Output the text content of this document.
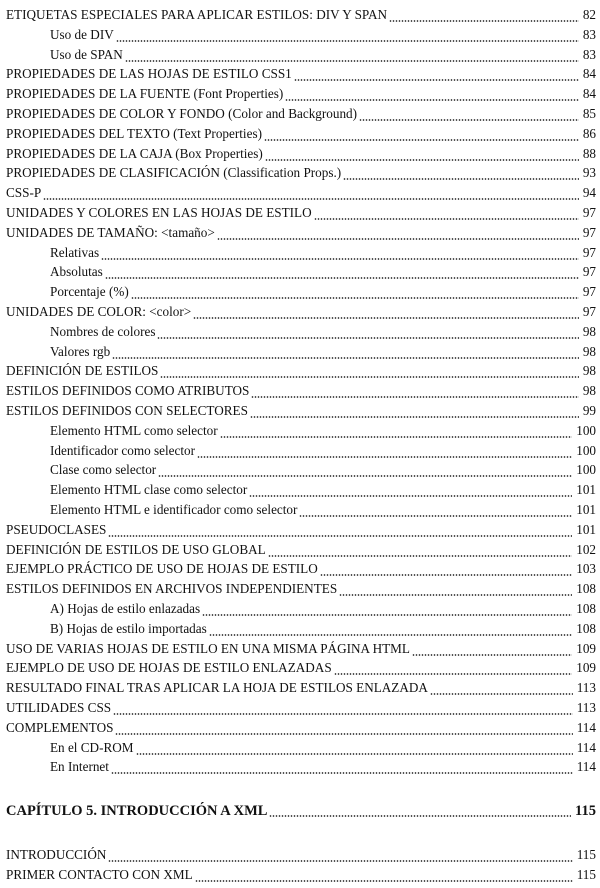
ETIQUETAS ESPECIALES PARA APLICAR ESTILOS: DIV Y SPAN	82
Uso de DIV	83
Uso de SPAN	83
PROPIEDADES DE LAS HOJAS DE ESTILO CSS1	84
PROPIEDADES DE LA FUENTE (Font Properties)	84
PROPIEDADES DE COLOR Y FONDO (Color and Background)	85
PROPIEDADES DEL TEXTO (Text Properties)	86
PROPIEDADES DE LA CAJA (Box Properties)	88
PROPIEDADES DE CLASIFICACIÓN (Classification Props.)	93
CSS-P	94
UNIDADES Y COLORES EN LAS HOJAS DE ESTILO	97
UNIDADES DE TAMAÑO: <tamaño>	97
Relativas	97
Absolutas	97
Porcentaje (%)	97
UNIDADES DE COLOR: <color>	97
Nombres de colores	98
Valores rgb	98
DEFINICIÓN DE ESTILOS	98
ESTILOS DEFINIDOS COMO ATRIBUTOS	98
ESTILOS DEFINIDOS CON SELECTORES	99
Elemento HTML como selector	100
Identificador como selector	100
Clase como selector	100
Elemento HTML clase como selector	101
Elemento HTML e identificador como selector	101
PSEUDOCLASES	101
DEFINICIÓN DE ESTILOS DE USO GLOBAL	102
EJEMPLO PRÁCTICO DE USO DE HOJAS DE ESTILO	103
ESTILOS DEFINIDOS EN ARCHIVOS INDEPENDIENTES	108
A) Hojas de estilo enlazadas	108
B) Hojas de estilo importadas	108
USO DE VARIAS HOJAS DE ESTILO EN UNA MISMA PÁGINA HTML	109
EJEMPLO DE USO DE HOJAS DE ESTILO ENLAZADAS	109
RESULTADO FINAL TRAS APLICAR LA HOJA DE ESTILOS ENLAZADA	113
UTILIDADES CSS	113
COMPLEMENTOS	114
En el CD-ROM	114
En Internet	114
CAPÍTULO 5. INTRODUCCIÓN A XML	115
INTRODUCCIÓN	115
PRIMER CONTACTO CON XML	115
